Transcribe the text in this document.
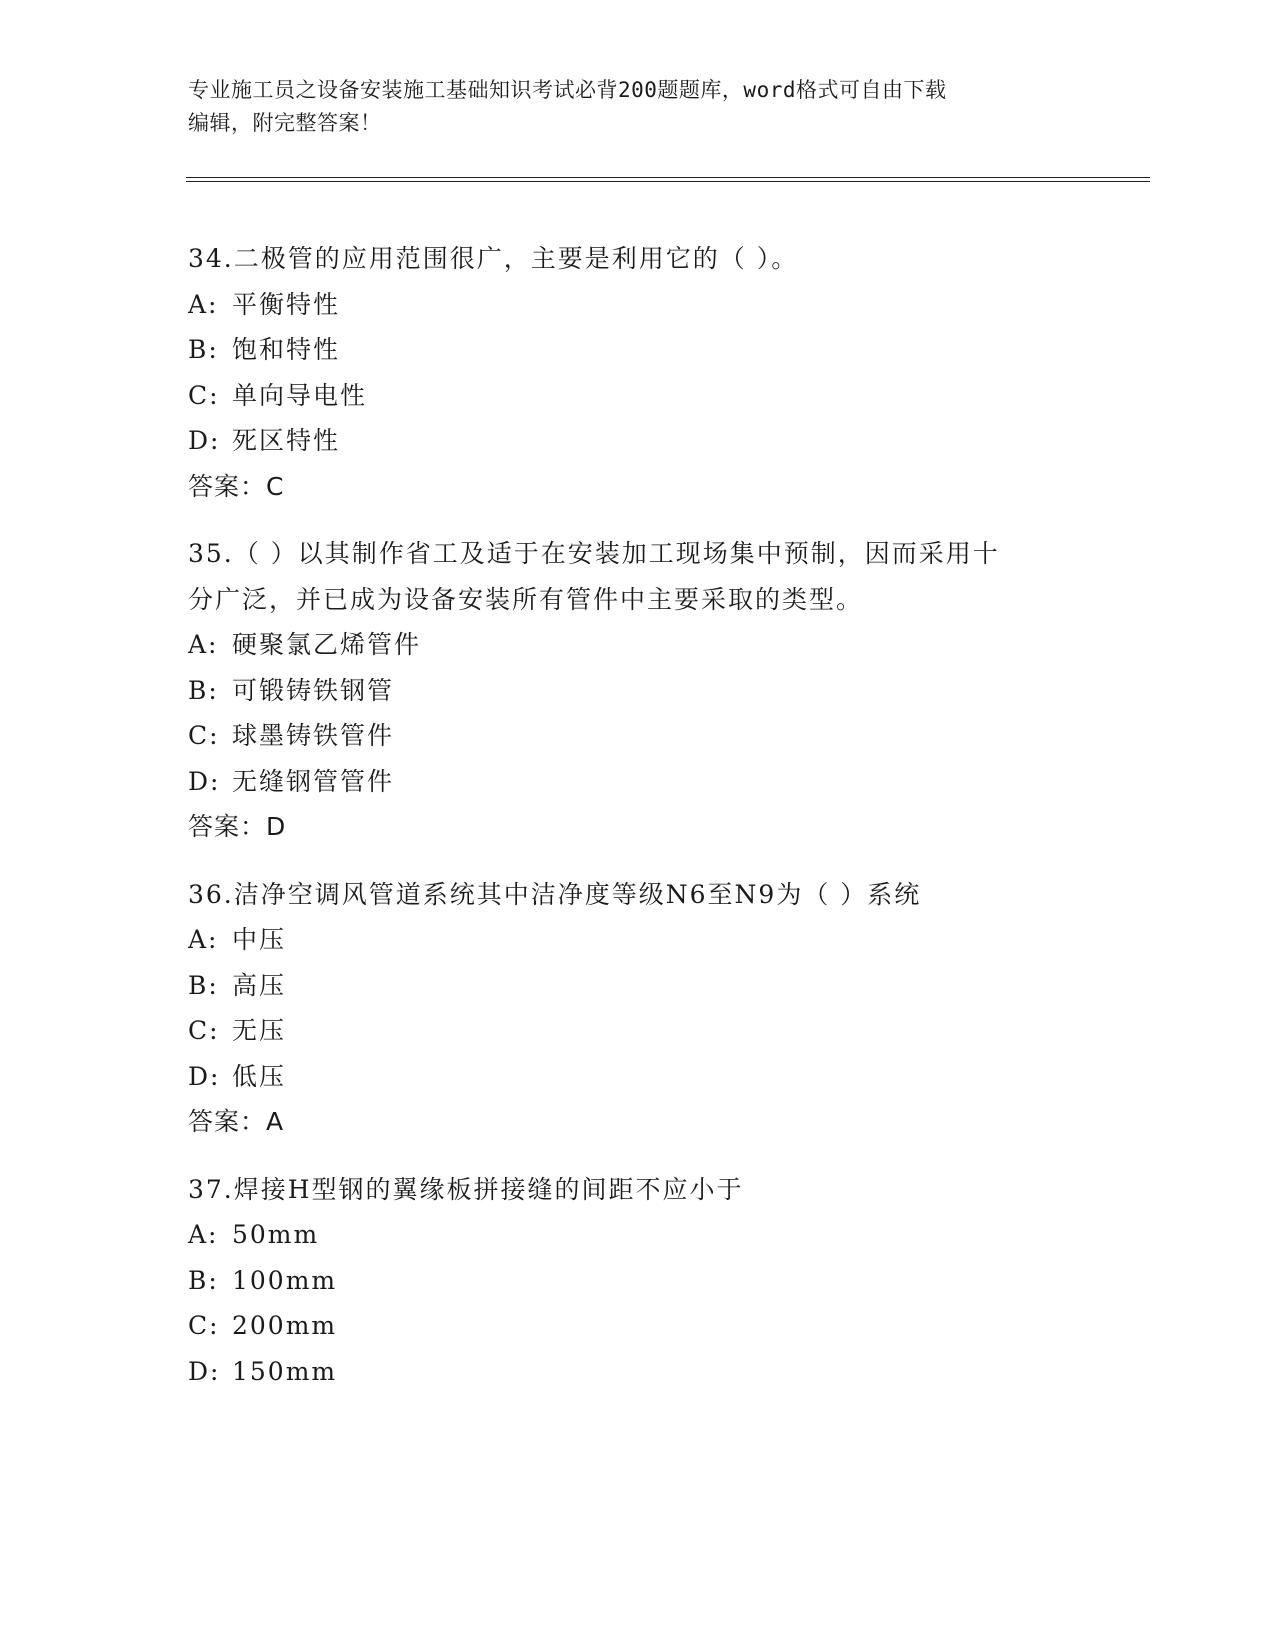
专业施工员之设备安装施工基础知识考试必背200题题库，word格式可自由下载
编辑，附完整答案！
34.二极管的应用范围很广，主要是利用它的（ ）。
A: 平衡特性
B: 饱和特性
C: 单向导电性
D: 死区特性
答案：C
35.（ ）以其制作省工及适于在安装加工现场集中预制，因而采用十
分广泛，并已成为设备安装所有管件中主要采取的类型。
A: 硬聚氯乙烯管件
B: 可锻铸铁钢管
C: 球墨铸铁管件
D: 无缝钢管管件
答案：D
36.洁净空调风管道系统其中洁净度等级N6至N9为（ ）系统
A: 中压
B: 高压
C: 无压
D: 低压
答案：A
37.焊接H型钢的翼缘板拼接缝的间距不应小于
A: 50mm
B: 100mm
C: 200mm
D: 150mm
